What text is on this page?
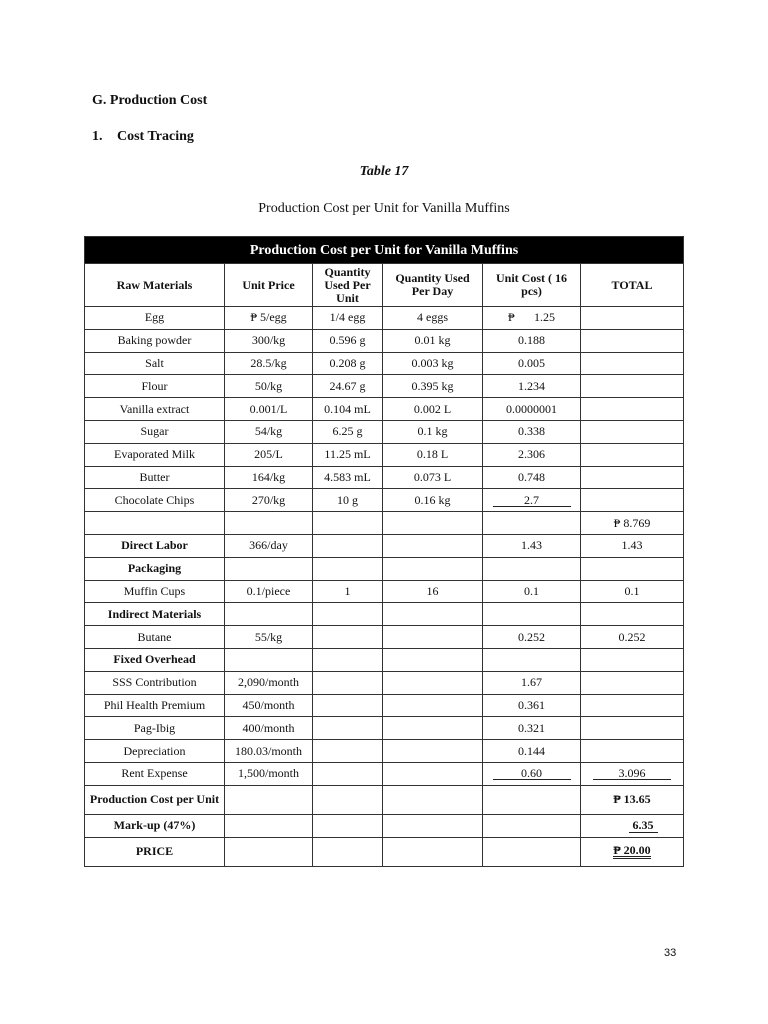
G. Production Cost
1. Cost Tracing
Table 17
Production Cost per Unit for Vanilla Muffins
Production Cost per Unit for Vanilla Muffins					
Raw Materials	Unit Price	Quantity Used Per Unit	Quantity Used Per Day	Unit Cost ( 16 pcs)	TOTAL
Egg	₱ 5/egg	1/4 egg	4 eggs	₱ 1.25	
Baking powder	300/kg	0.596 g	0.01 kg	0.188	
Salt	28.5/kg	0.208 g	0.003 kg	0.005	
Flour	50/kg	24.67 g	0.395 kg	1.234	
Vanilla extract	0.001/L	0.104 mL	0.002 L	0.0000001	
Sugar	54/kg	6.25 g	0.1 kg	0.338	
Evaporated Milk	205/L	11.25 mL	0.18 L	2.306	
Butter	164/kg	4.583 mL	0.073 L	0.748	
Chocolate Chips	270/kg	10 g	0.16 kg	2.7	
					₱ 8.769
Direct Labor	366/day			1.43	1.43
Packaging					
Muffin Cups	0.1/piece	1	16	0.1	0.1
Indirect Materials					
Butane	55/kg			0.252	0.252
Fixed Overhead					
SSS Contribution	2,090/month			1.67	
Phil Health Premium	450/month			0.361	
Pag-Ibig	400/month			0.321	
Depreciation	180.03/month			0.144	
Rent Expense	1,500/month			0.60	3.096
Production Cost per Unit					₱ 13.65
Mark-up (47%)					6.35
PRICE					₱ 20.00
33
